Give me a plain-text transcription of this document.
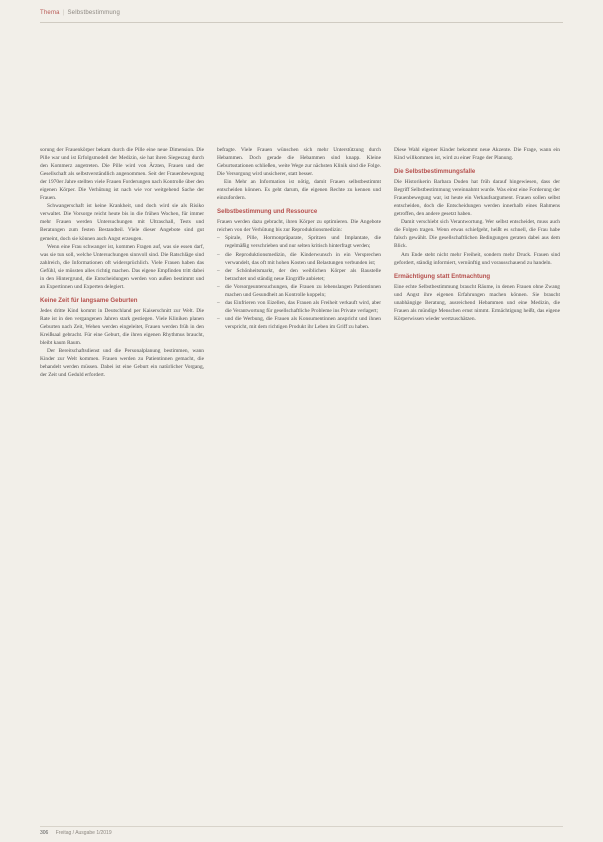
Thema | Selbstbestimmung

sorung der Frauenkörper bekam durch die Pille eine neue Dimension. Die Pille war und ist Erfolgsmodell der Medizin, sie hat ihren Siegeszug durch den Kommerz angetreten. Die Pille wird von Ärzten, Frauen und der Gesellschaft als selbstverständlich angenommen. Seit der Frauenbewegung der 1970er Jahre stellten viele Frauen Forderungen nach Kontrolle über den eigenen Körper. Die Verhütung ist nach wie vor weitgehend Sache der Frauen.

Schwangerschaft ist keine Krankheit, und doch wird sie als Risiko verwaltet. Die Vorsorge reicht heute bis in die frühen Wochen, für immer mehr Frauen werden Untersuchungen mit Ultraschall, Tests und Beratungen zum festen Bestandteil. Viele dieser Angebote sind gut gemeint, doch sie können auch Angst erzeugen.

Wenn eine Frau schwanger ist, kommen Fragen auf, was sie essen darf, was sie tun soll, welche Untersuchungen sinnvoll sind. Die Ratschläge sind zahlreich, die Informationen oft widersprüchlich. Viele Frauen haben das Gefühl, sie müssten alles richtig machen. Das eigene Empfinden tritt dabei in den Hintergrund, die Entscheidungen werden von außen bestimmt und an Expertinnen und Experten delegiert.

Keine Zeit für langsame Geburten

Jedes dritte Kind kommt in Deutschland per Kaiserschnitt zur Welt. Die Rate ist in den vergangenen Jahren stark gestiegen. Viele Kliniken planen Geburten nach Zeit, Wehen werden eingeleitet, Frauen werden früh in den Kreißsaal gebracht. Für eine Geburt, die ihren eigenen Rhythmus braucht, bleibt kaum Raum.

Der Bereitschaftsdienst und die Personalplanung bestimmen, wann Kinder zur Welt kommen. Frauen werden zu Patientinnen gemacht, die behandelt werden müssen. Dabei ist eine Geburt ein natürlicher Vorgang, der Zeit und Geduld erfordert.

befragte. Viele Frauen wünschen sich mehr Unterstützung durch Hebammen. Doch gerade die Hebammen sind knapp. Kleine Geburtsstationen schließen, weite Wege zur nächsten Klinik sind die Folge. Die Versorgung wird unsicherer, statt besser.

Ein Mehr an Information ist nötig, damit Frauen selbstbestimmt entscheiden können. Es geht darum, die eigenen Rechte zu kennen und einzufordern.

Selbstbestimmung und Ressource

Frauen werden dazu gebracht, ihren Körper zu optimieren. Die Angebote reichen von der Verhütung bis zur Reproduktionsmedizin:

– Spirale, Pille, Hormonpräparate, Spritzen und Implantate, die regelmäßig verschrieben und nur selten kritisch hinterfragt werden;
– die Reproduktionsmedizin, die Kinderwunsch in ein Versprechen verwandelt, das oft mit hohen Kosten und Belastungen verbunden ist;
– der Schönheitsmarkt, der den weiblichen Körper als Baustelle betrachtet und ständig neue Eingriffe anbietet;
– die Vorsorgeuntersuchungen, die Frauen zu lebenslangen Patientinnen machen und Gesundheit an Kontrolle koppeln;
– das Einfrieren von Eizellen, das Frauen als Freiheit verkauft wird, aber die Verantwortung für gesellschaftliche Probleme ins Private verlagert;
– und die Werbung, die Frauen als Konsumentinnen anspricht und ihnen verspricht, mit dem richtigen Produkt ihr Leben im Griff zu haben.

Diese Wahl eigener Kinder bekommt neue Akzente. Die Frage, wann ein Kind willkommen ist, wird zu einer Frage der Planung.

Die Selbstbestimmungsfalle

Die Historikerin Barbara Duden hat früh darauf hingewiesen, dass der Begriff Selbstbestimmung vereinnahmt wurde. Was einst eine Forderung der Frauenbewegung war, ist heute ein Verkaufsargument. Frauen sollen selbst entscheiden, doch die Entscheidungen werden innerhalb eines Rahmens getroffen, den andere gesetzt haben.

Damit verschiebt sich Verantwortung. Wer selbst entscheidet, muss auch die Folgen tragen. Wenn etwas schiefgeht, heißt es schnell, die Frau habe falsch gewählt. Die gesellschaftlichen Bedingungen geraten dabei aus dem Blick.

Am Ende steht nicht mehr Freiheit, sondern mehr Druck. Frauen sind gefordert, ständig informiert, vernünftig und vorausschauend zu handeln.

Ermächtigung statt Entmachtung

Eine echte Selbstbestimmung braucht Räume, in denen Frauen ohne Zwang und Angst ihre eigenen Erfahrungen machen können. Sie braucht unabhängige Beratung, ausreichend Hebammen und eine Medizin, die Frauen als mündige Menschen ernst nimmt. Ermächtigung heißt, das eigene Körperwissen wieder wertzuschätzen.

306 Freitag / Ausgabe 1/2019
